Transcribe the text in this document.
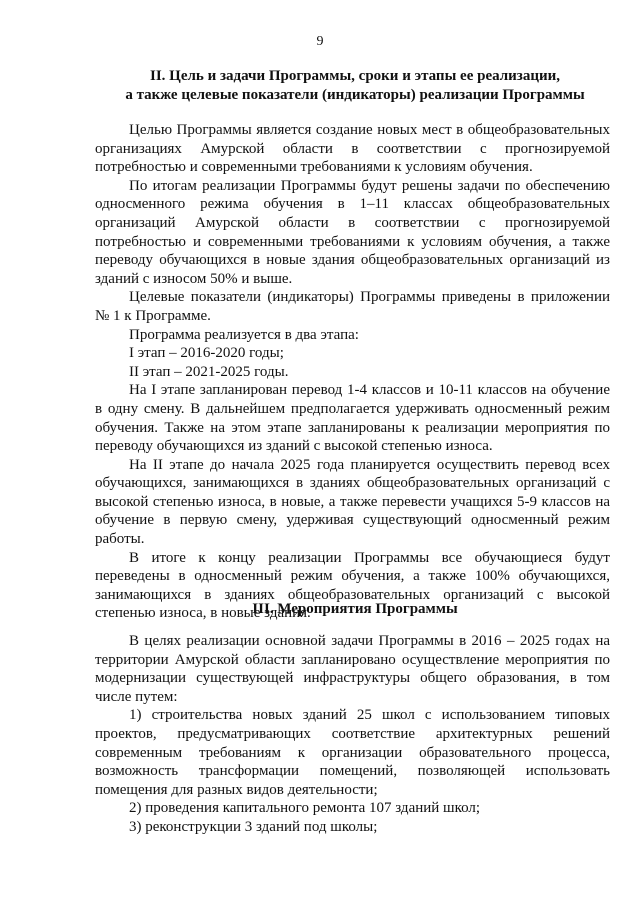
9
II. Цель и задачи Программы, сроки и этапы ее реализации,
а также целевые показатели (индикаторы) реализации Программы

Целью Программы является создание новых мест в общеобразовательных организациях Амурской области в соответствии с прогнозируемой потребностью и современными требованиями к условиям обучения.

По итогам реализации Программы будут решены задачи по обеспечению односменного режима обучения в 1–11 классах общеобразовательных организаций Амурской области в соответствии с прогнозируемой потребностью и современными требованиями к условиям обучения, а также переводу обучающихся в новые здания общеобразовательных организаций из зданий с износом 50% и выше.

Целевые показатели (индикаторы) Программы приведены в приложении № 1 к Программе.

Программа реализуется в два этапа:

I этап – 2016-2020 годы;

II этап – 2021-2025 годы.

На I этапе запланирован перевод 1-4 классов и 10-11 классов на обучение в одну смену. В дальнейшем предполагается удерживать односменный режим обучения. Также на этом этапе запланированы к реализации мероприятия по переводу обучающихся из зданий с высокой степенью износа.

На II этапе до начала 2025 года планируется осуществить перевод всех обучающихся, занимающихся в зданиях общеобразовательных организаций с высокой степенью износа, в новые, а также перевести учащихся 5-9 классов на обучение в первую смену, удерживая существующий односменный режим работы.

В итоге к концу реализации Программы все обучающиеся будут переведены в односменный режим обучения, а также 100% обучающихся, занимающихся в зданиях общеобразовательных организаций с высокой степенью износа, в новые здания.

III. Мероприятия Программы

В целях реализации основной задачи Программы в 2016 – 2025 годах на территории Амурской области запланировано осуществление мероприятия по модернизации существующей инфраструктуры общего образования, в том числе путем:

1) строительства новых зданий 25 школ с использованием типовых проектов, предусматривающих соответствие архитектурных решений современным требованиям к организации образовательного процесса, возможность трансформации помещений, позволяющей использовать помещения для разных видов деятельности;

2) проведения капитального ремонта 107 зданий школ;

3) реконструкции 3 зданий под школы;
